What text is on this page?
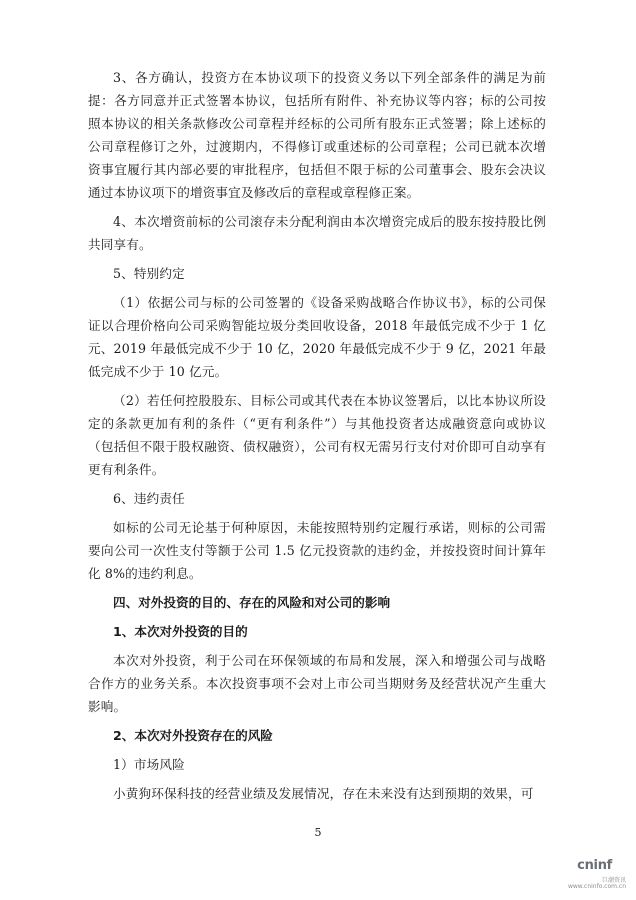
3、各方确认，投资方在本协议项下的投资义务以下列全部条件的满足为前提：各方同意并正式签署本协议，包括所有附件、补充协议等内容；标的公司按照本协议的相关条款修改公司章程并经标的公司所有股东正式签署；除上述标的公司章程修订之外，过渡期内，不得修订或重述标的公司章程；公司已就本次增资事宜履行其内部必要的审批程序，包括但不限于标的公司董事会、股东会决议通过本协议项下的增资事宜及修改后的章程或章程修正案。

4、本次增资前标的公司滚存未分配利润由本次增资完成后的股东按持股比例共同享有。

5、特别约定

（1）依据公司与标的公司签署的《设备采购战略合作协议书》，标的公司保证以合理价格向公司采购智能垃圾分类回收设备，2018 年最低完成不少于 1 亿元、2019 年最低完成不少于 10 亿，2020 年最低完成不少于 9 亿，2021 年最低完成不少于 10 亿元。

（2）若任何控股股东、目标公司或其代表在本协议签署后，以比本协议所设定的条款更加有利的条件（“更有利条件”）与其他投资者达成融资意向或协议（包括但不限于股权融资、债权融资），公司有权无需另行支付对价即可自动享有更有利条件。

6、违约责任

如标的公司无论基于何种原因，未能按照特别约定履行承诺，则标的公司需要向公司一次性支付等额于公司 1.5 亿元投资款的违约金，并按投资时间计算年化 8%的违约利息。

四、对外投资的目的、存在的风险和对公司的影响

1、本次对外投资的目的

本次对外投资，利于公司在环保领域的布局和发展，深入和增强公司与战略合作方的业务关系。本次投资事项不会对上市公司当期财务及经营状况产生重大影响。

2、本次对外投资存在的风险

1）市场风险

小黄狗环保科技的经营业绩及发展情况，存在未来没有达到预期的效果，可

5
cninf
巨潮资讯
www.cninfo.com.cn
